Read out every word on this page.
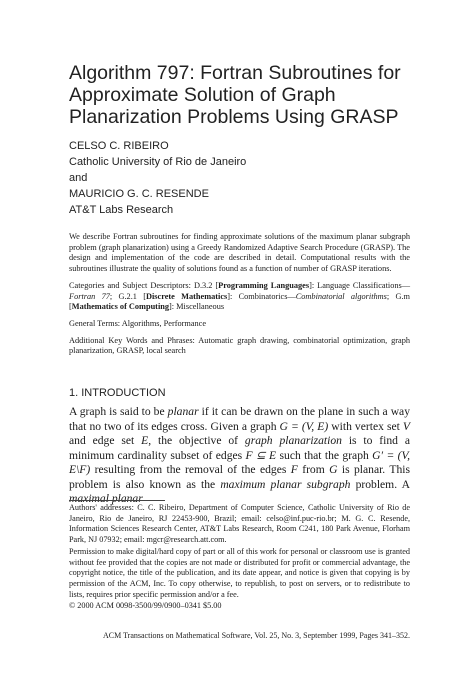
Algorithm 797: Fortran Subroutines for
Approximate Solution of Graph
Planarization Problems Using GRASP
CELSO C. RIBEIRO
Catholic University of Rio de Janeiro
and
MAURICIO G. C. RESENDE
AT&T Labs Research

We describe Fortran subroutines for finding approximate solutions of the maximum planar subgraph problem (graph planarization) using a Greedy Randomized Adaptive Search Procedure (GRASP). The design and implementation of the code are described in detail. Computational results with the subroutines illustrate the quality of solutions found as a function of number of GRASP iterations.

Categories and Subject Descriptors: D.3.2 [Programming Languages]: Language Classifications—Fortran 77; G.2.1 [Discrete Mathematics]: Combinatorics—Combinatorial algorithms; G.m [Mathematics of Computing]: Miscellaneous

General Terms: Algorithms, Performance

Additional Key Words and Phrases: Automatic graph drawing, combinatorial optimization, graph planarization, GRASP, local search

1. INTRODUCTION

A graph is said to be planar if it can be drawn on the plane in such a way that no two of its edges cross. Given a graph G = (V, E) with vertex set V and edge set E, the objective of graph planarization is to find a minimum cardinality subset of edges F ⊆ E such that the graph G′ = (V, E\F) resulting from the removal of the edges F from G is planar. This problem is also known as the maximum planar subgraph problem. A maximal planar

Authors' addresses: C. C. Ribeiro, Department of Computer Science, Catholic University of Rio de Janeiro, Rio de Janeiro, RJ 22453-900, Brazil; email: celso@inf.puc-rio.br; M. G. C. Resende, Information Sciences Research Center, AT&T Labs Research, Room C241, 180 Park Avenue, Florham Park, NJ 07932; email: mgcr@research.att.com.

Permission to make digital/hard copy of part or all of this work for personal or classroom use is granted without fee provided that the copies are not made or distributed for profit or commercial advantage, the copyright notice, the title of the publication, and its date appear, and notice is given that copying is by permission of the ACM, Inc. To copy otherwise, to republish, to post on servers, or to redistribute to lists, requires prior specific permission and/or a fee.

© 2000 ACM 0098-3500/99/0900–0341 $5.00

ACM Transactions on Mathematical Software, Vol. 25, No. 3, September 1999, Pages 341–352.
